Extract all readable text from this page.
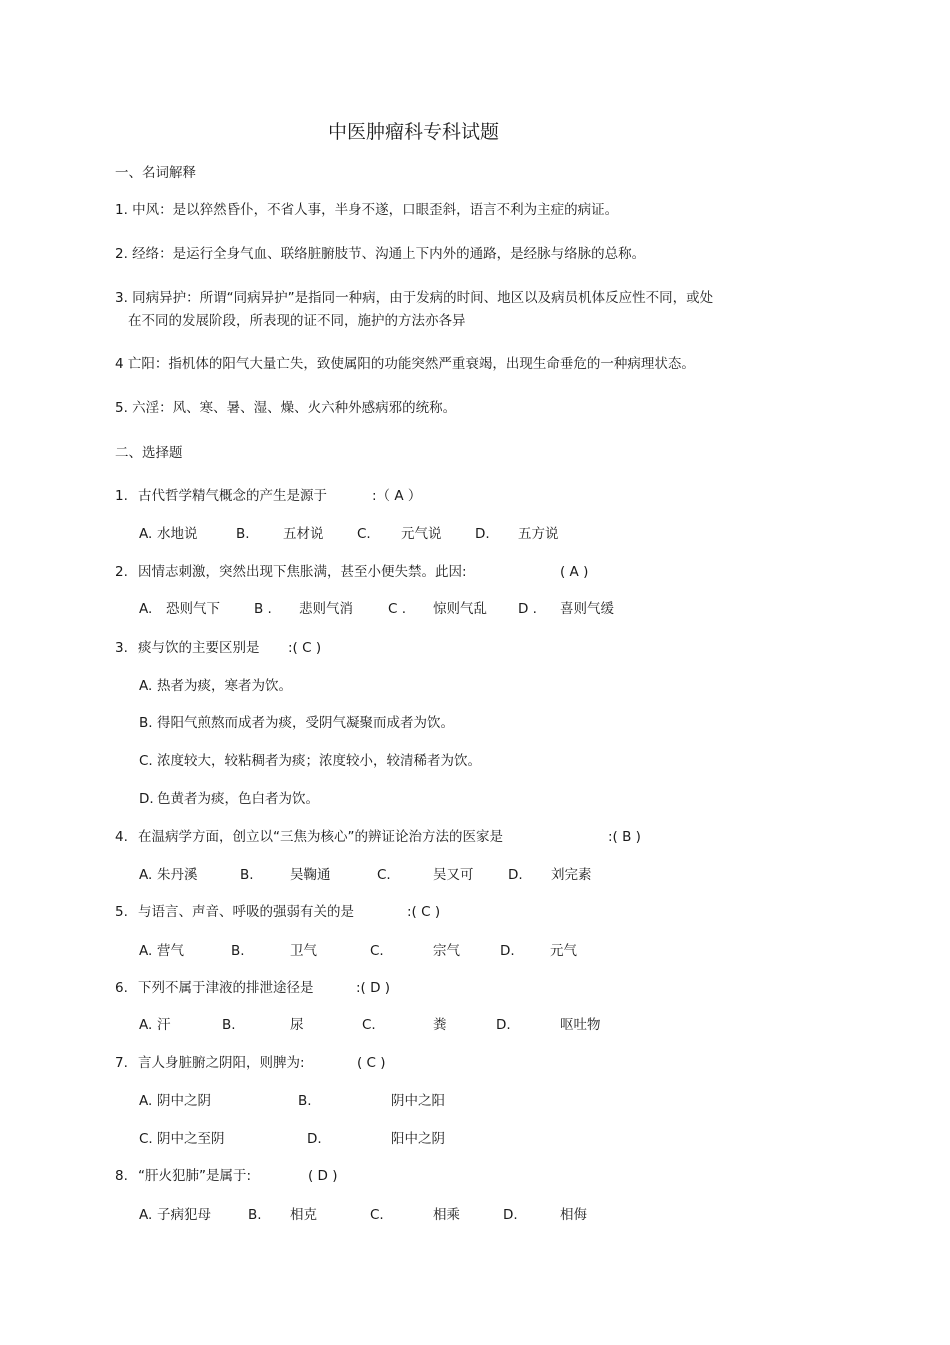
中医肿瘤科专科试题
一、名词解释
1. 中风：是以猝然昏仆，不省人事，半身不遂，口眼歪斜，语言不利为主症的病证。
2. 经络：是运行全身气血、联络脏腑肢节、沟通上下内外的通路，是经脉与络脉的总称。
3. 同病异护：所谓“同病异护”是指同一种病，由于发病的时间、地区以及病员机体反应性不同，或处
在不同的发展阶段，所表现的证不同，施护的方法亦各异
4 亡阳：指机体的阳气大量亡失，致使属阳的功能突然严重衰竭，出现生命垂危的一种病理状态。
5. 六淫：风、寒、暑、湿、燥、火六种外感病邪的统称。
二、选择题
1. 古代哲学精气概念的产生是源于	:（ A ）
A. 水地说	B. 五材说 C. 元气说 D. 五方说
2. 因情志刺激，突然出现下焦胀满，甚至小便失禁。此因:	( A )
A. 恐则气下	B . 悲则气消	C . 惊则气乱 D . 喜则气缓
3. 痰与饮的主要区别是 :( C )
A. 热者为痰，寒者为饮。
B. 得阳气煎熬而成者为痰，受阴气凝聚而成者为饮。
C. 浓度较大，较粘稠者为痰；浓度较小，较清稀者为饮。
D. 色黄者为痰，色白者为饮。
4. 在温病学方面，创立以“三焦为核心”的辨证论治方法的医家是	:( B )
A. 朱丹溪	B.	吴鞠通	C.	吴又可	D. 刘完素
5. 与语言、声音、呼吸的强弱有关的是	:( C )
A. 营气	B.	卫气	C.	宗气	D.	元气
6. 下列不属于津液的排泄途径是	:( D )
A. 汗	B.	尿	C.	粪	D.	呕吐物
7. 言人身脏腑之阴阳，则脾为:	( C )
A. 阴中之阴	B.	阴中之阳
C. 阴中之至阴	D.	阳中之阴
8. “肝火犯肺”是属于:	( D )
A. 子病犯母	B. 相克	C.	相乘	D.	相侮
